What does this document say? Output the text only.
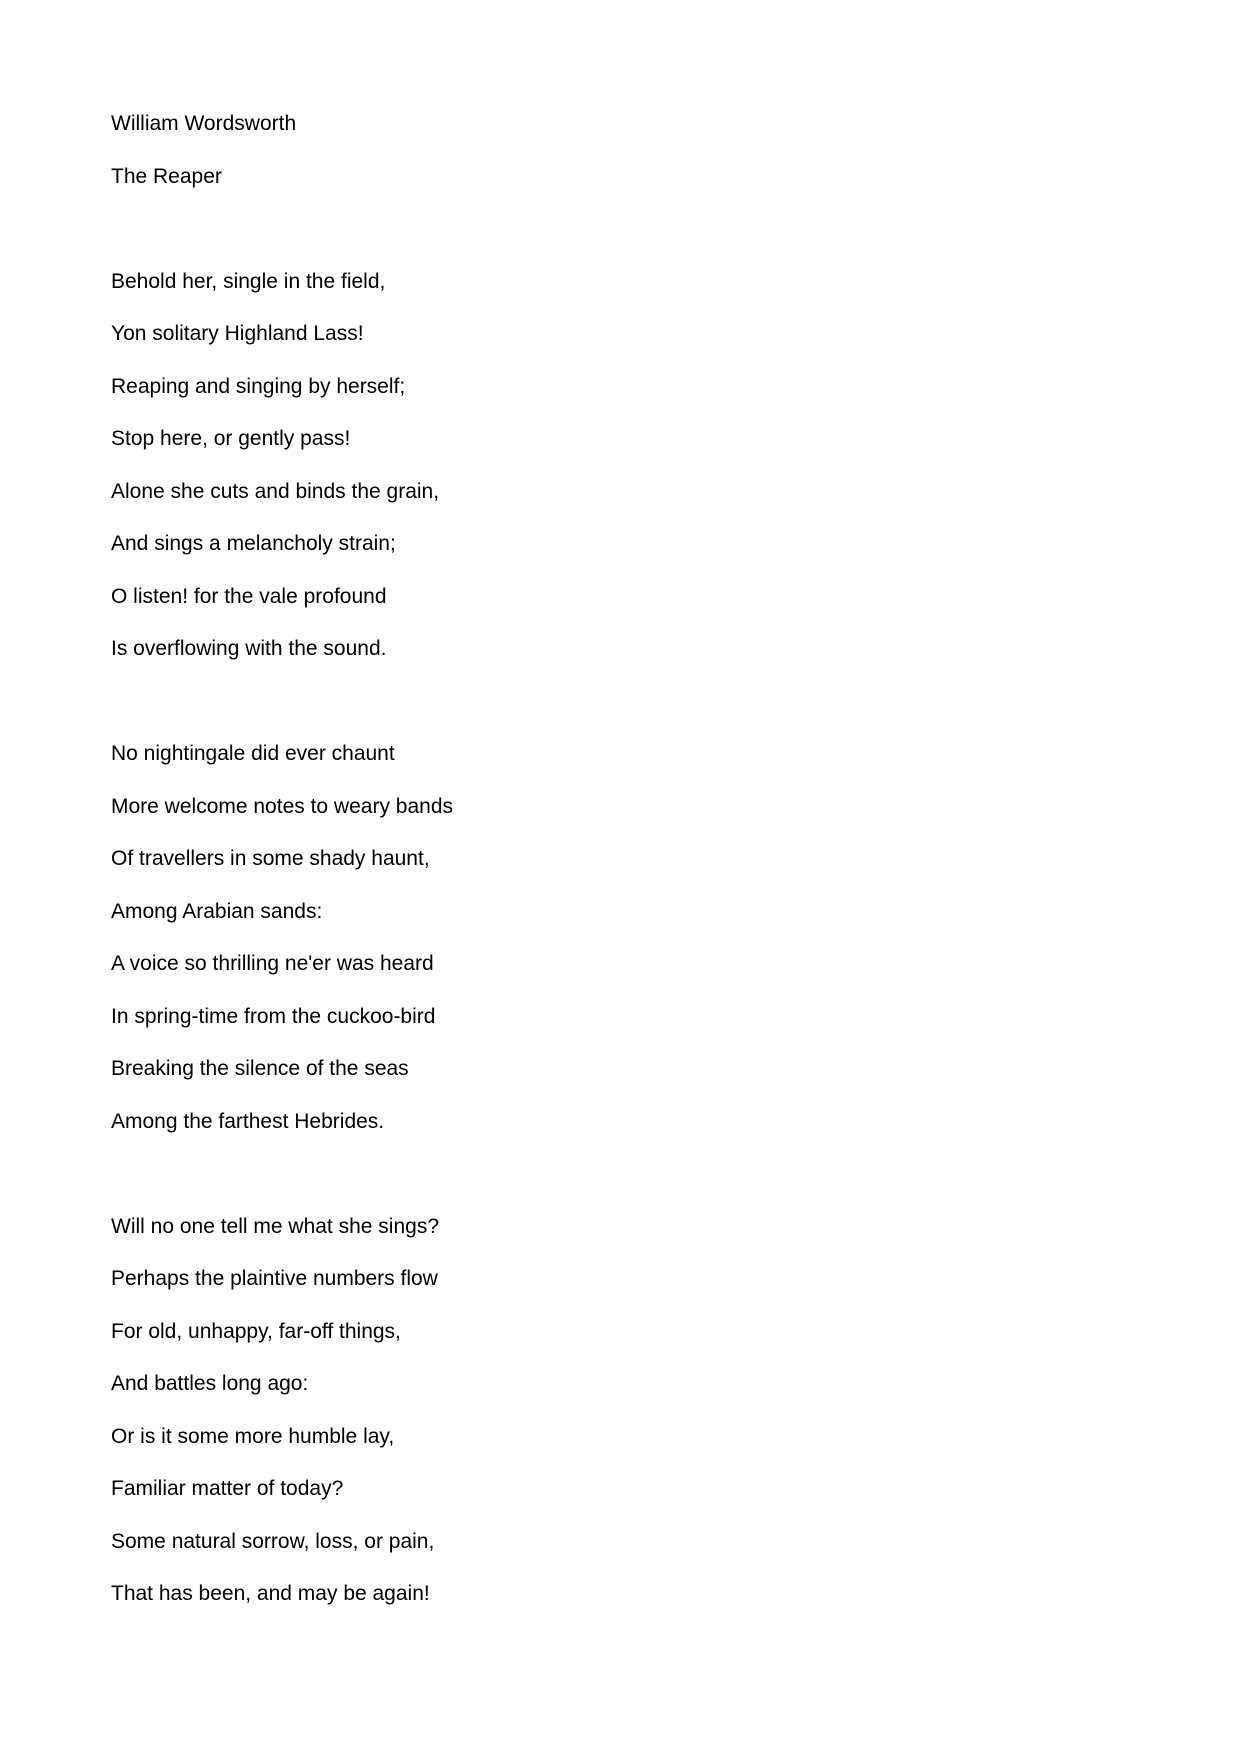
William Wordsworth

The Reaper

Behold her, single in the field,

Yon solitary Highland Lass!

Reaping and singing by herself;

Stop here, or gently pass!

Alone she cuts and binds the grain,

And sings a melancholy strain;

O listen! for the vale profound

Is overflowing with the sound.

No nightingale did ever chaunt

More welcome notes to weary bands

Of travellers in some shady haunt,

Among Arabian sands:

A voice so thrilling ne'er was heard

In spring-time from the cuckoo-bird

Breaking the silence of the seas

Among the farthest Hebrides.

Will no one tell me what she sings?

Perhaps the plaintive numbers flow

For old, unhappy, far-off things,

And battles long ago:

Or is it some more humble lay,

Familiar matter of today?

Some natural sorrow, loss, or pain,

That has been, and may be again!
